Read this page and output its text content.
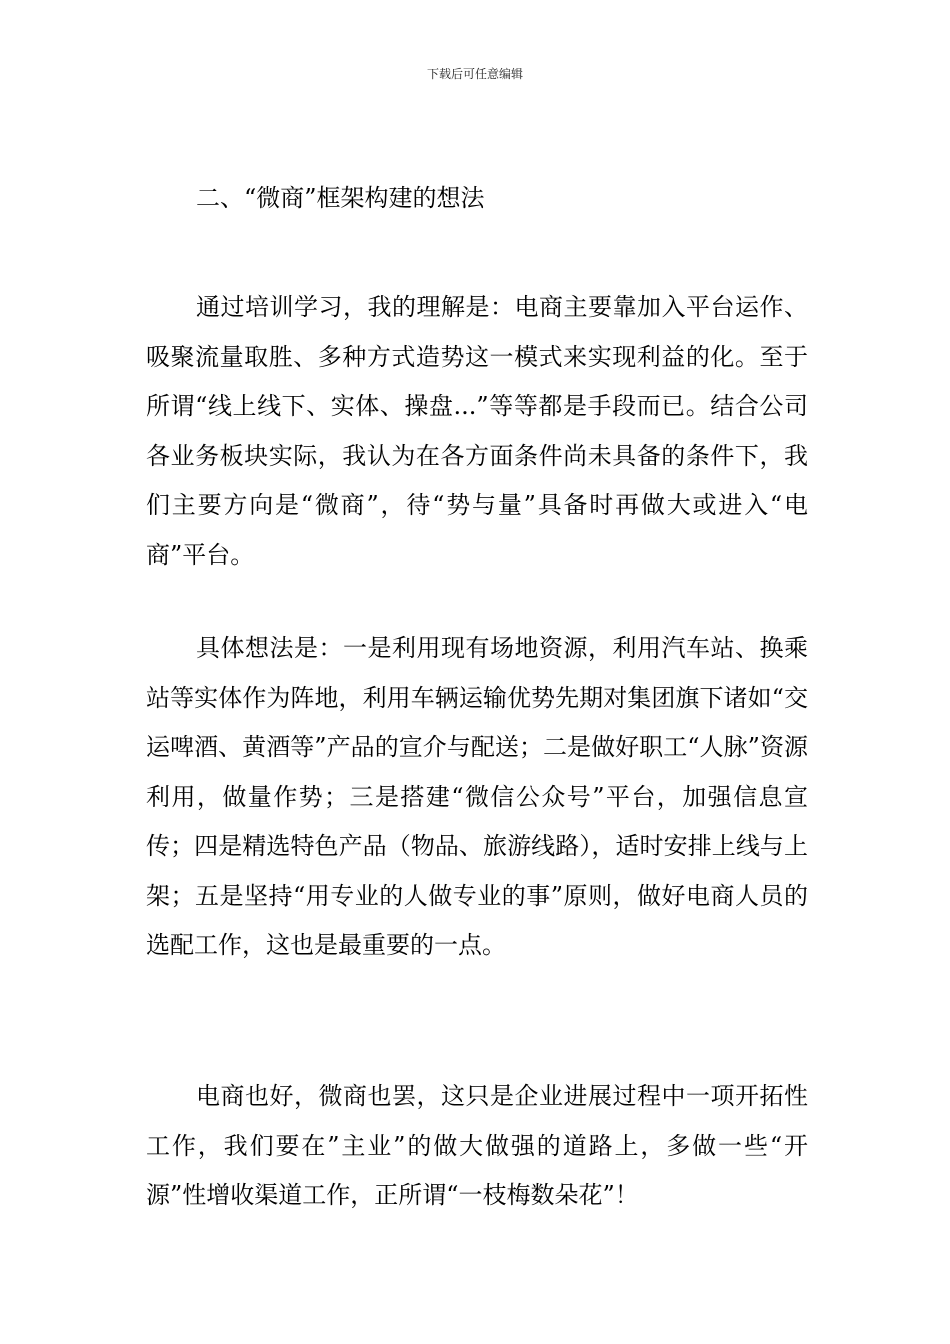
下载后可任意编辑
二、“微商”框架构建的想法

通过培训学习，我的理解是：电商主要靠加入平台运作、吸聚流量取胜、多种方式造势这一模式来实现利益的化。至于所谓“线上线下、实体、操盘...”等等都是手段而已。结合公司各业务板块实际，我认为在各方面条件尚未具备的条件下，我们主要方向是“微商”，待“势与量”具备时再做大或进入“电商”平台。

具体想法是：一是利用现有场地资源，利用汽车站、换乘站等实体作为阵地，利用车辆运输优势先期对集团旗下诸如“交运啤酒、黄酒等”产品的宣介与配送；二是做好职工“人脉”资源利用，做量作势；三是搭建“微信公众号”平台，加强信息宣传；四是精选特色产品（物品、旅游线路），适时安排上线与上架；五是坚持“用专业的人做专业的事”原则，做好电商人员的选配工作，这也是最重要的一点。

电商也好，微商也罢，这只是企业进展过程中一项开拓性工作，我们要在”主业”的做大做强的道路上，多做一些“开源”性增收渠道工作，正所谓“一枝梅数朵花”！
